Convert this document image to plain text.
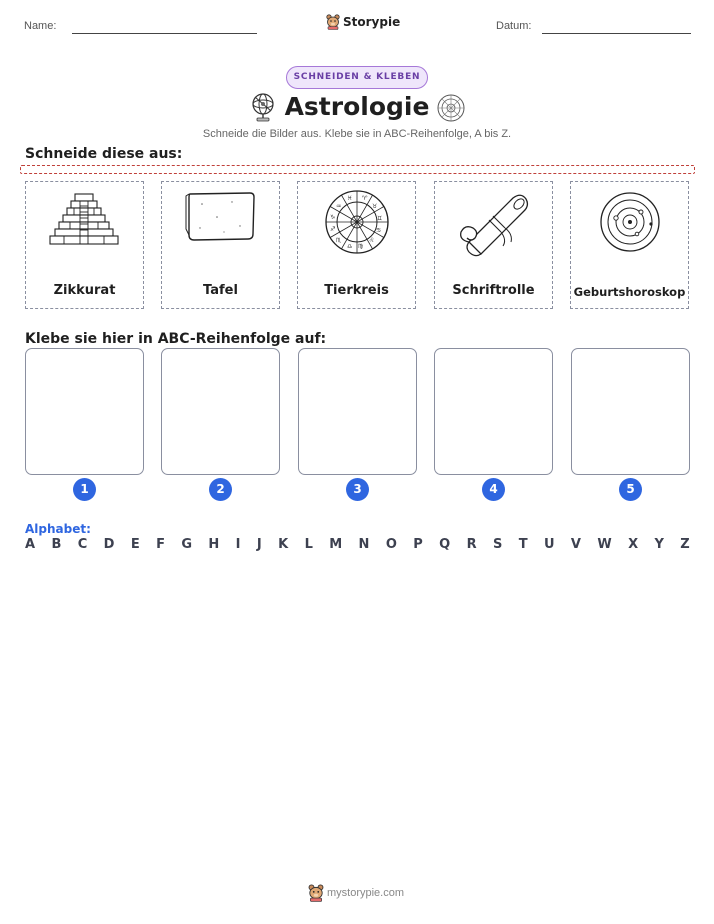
Name:	Storypie	Datum:
SCHNEIDEN & KLEBEN
Astrologie
Schneide die Bilder aus. Klebe sie in ABC-Reihenfolge, A bis Z.
Schneide diese aus:
Zikkurat	Tafel
♈
♉
♊
♋
♌
♍
♎
♏
♐
♑
♒
♓
Tierkreis	Schriftrolle	Geburtshoroskop
Klebe sie hier in ABC-Reihenfolge auf:
1	2	3	4	5
Alphabet:
A B C D E F G H I J K L M N O P Q R S T U V W X Y Z
mystorypie.com
